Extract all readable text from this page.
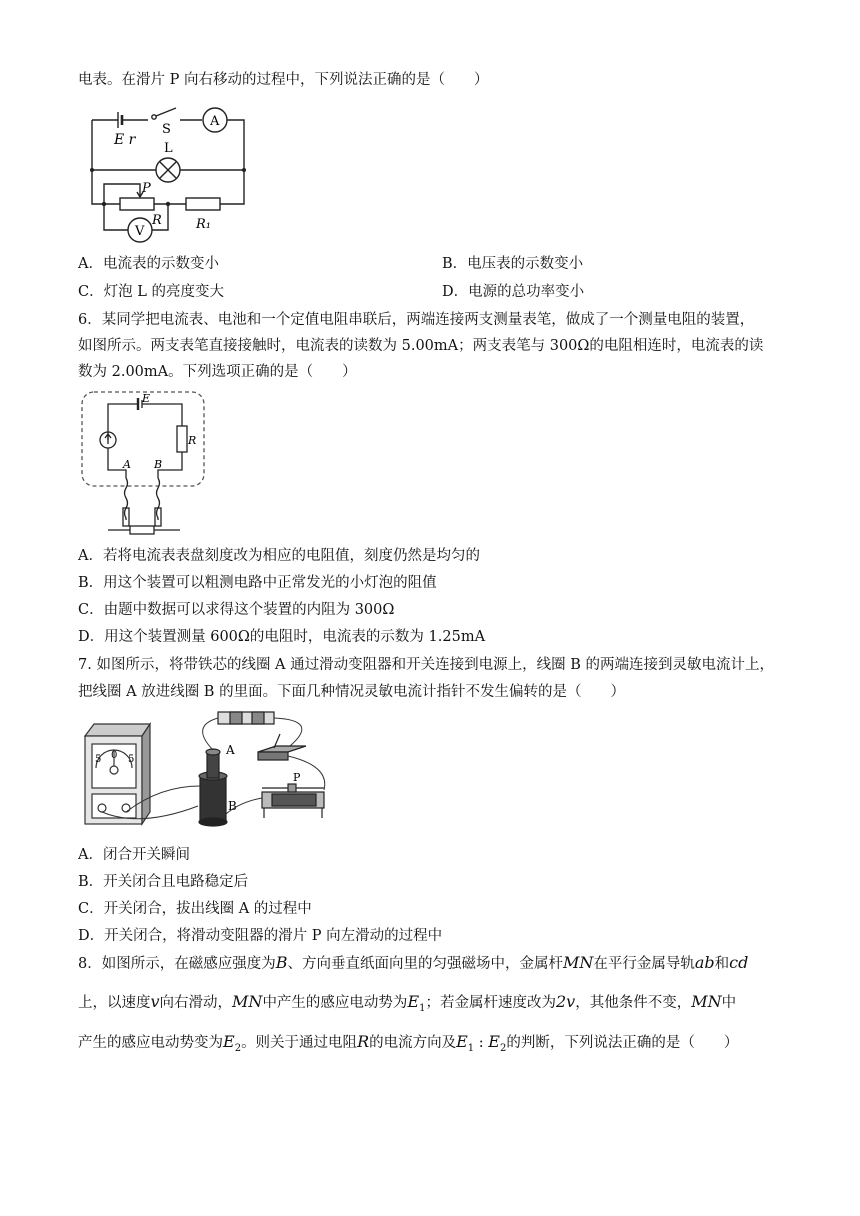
电表。在滑片 P 向右移动的过程中，下列说法正确的是（　　）
E r
S
A
L
P
R	R₁
V
A．电流表的示数变小	B．电压表的示数变小
C．灯泡 L 的亮度变大	D．电源的总功率变小
6．某同学把电流表、电池和一个定值电阻串联后，两端连接两支测量表笔，做成了一个测量电阻的装置，
如图所示。两支表笔直接接触时，电流表的读数为 5.00mA；两支表笔与 300Ω的电阻相连时，电流表的读
数为 2.00mA。下列选项正确的是（　　）
E
R
A B
A．若将电流表表盘刻度改为相应的电阻值，刻度仍然是均匀的
B．用这个装置可以粗测电路中正常发光的小灯泡的阻值
C．由题中数据可以求得这个装置的内阻为 300Ω
D．用这个装置测量 600Ω的电阻时，电流表的示数为 1.25mA
7. 如图所示，将带铁芯的线圈 A 通过滑动变阻器和开关连接到电源上，线圈 B 的两端连接到灵敏电流计上，
把线圈 A 放进线圈 B 的里面。下面几种情况灵敏电流计指针不发生偏转的是（　　）
5 0 5
A
B
P
A．闭合开关瞬间
B．开关闭合且电路稳定后
C．开关闭合，拔出线圈 A 的过程中
D．开关闭合，将滑动变阻器的滑片 P 向左滑动的过程中
8．如图所示，在磁感应强度为B、方向垂直纸面向里的匀强磁场中，金属杆MN在平行金属导轨ab和cd
上，以速度v向右滑动，MN中产生的感应电动势为$E_1$；若金属杆速度改为2v，其他条件不变，MN中
产生的感应电动势变为$E_2$。则关于通过电阻R的电流方向及$E_1$ : $E_2$的判断，下列说法正确的是（　　）
